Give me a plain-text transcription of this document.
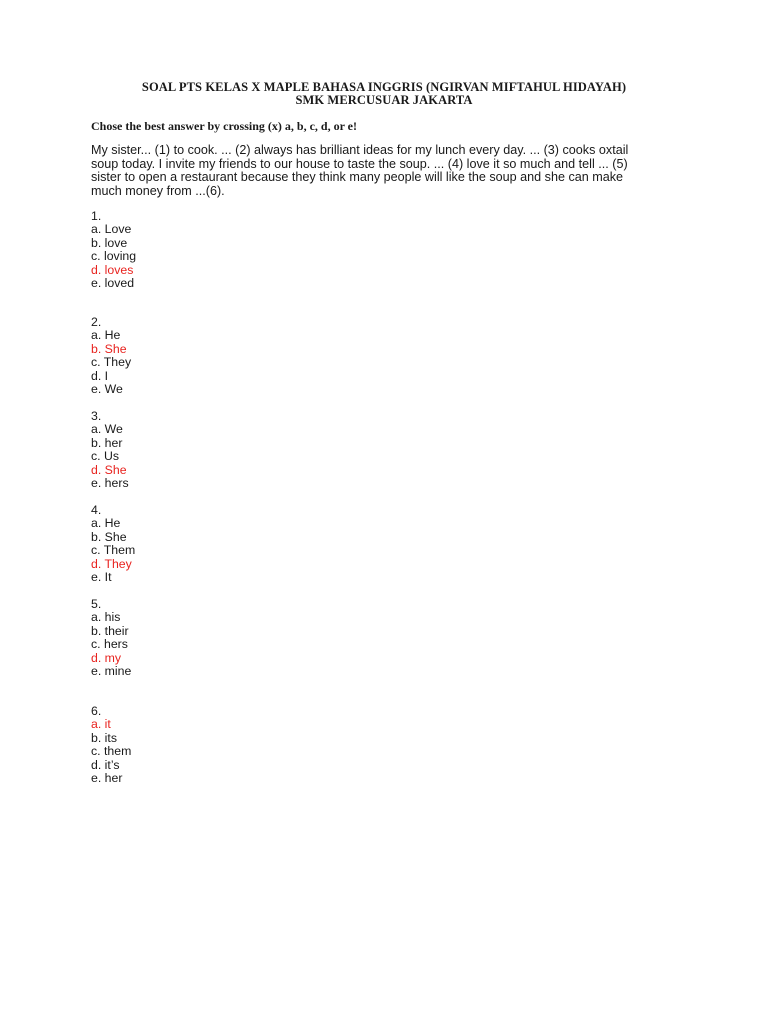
SOAL PTS KELAS X MAPLE BAHASA INGGRIS (NGIRVAN MIFTAHUL HIDAYAH)
SMK MERCUSUAR JAKARTA
Chose the best answer by crossing (x) a, b, c, d, or e!
My sister... (1) to cook. ... (2) always has brilliant ideas for my lunch every day. ... (3) cooks oxtail
soup today. I invite my friends to our house to taste the soup. ... (4) love it so much and tell ... (5)
sister to open a restaurant because they think many people will like the soup and she can make
much money from ...(6).
1.
a. Love
b. love
c. loving
d. loves
e. loved
2.
a. He
b. She
c. They
d. I
e. We
3.
a. We
b. her
c. Us
d. She
e. hers
4.
a. He
b. She
c. Them
d. They
e. It
5.
a. his
b. their
c. hers
d. my
e. mine
6.
a. it
b. its
c. them
d. it’s
e. her
